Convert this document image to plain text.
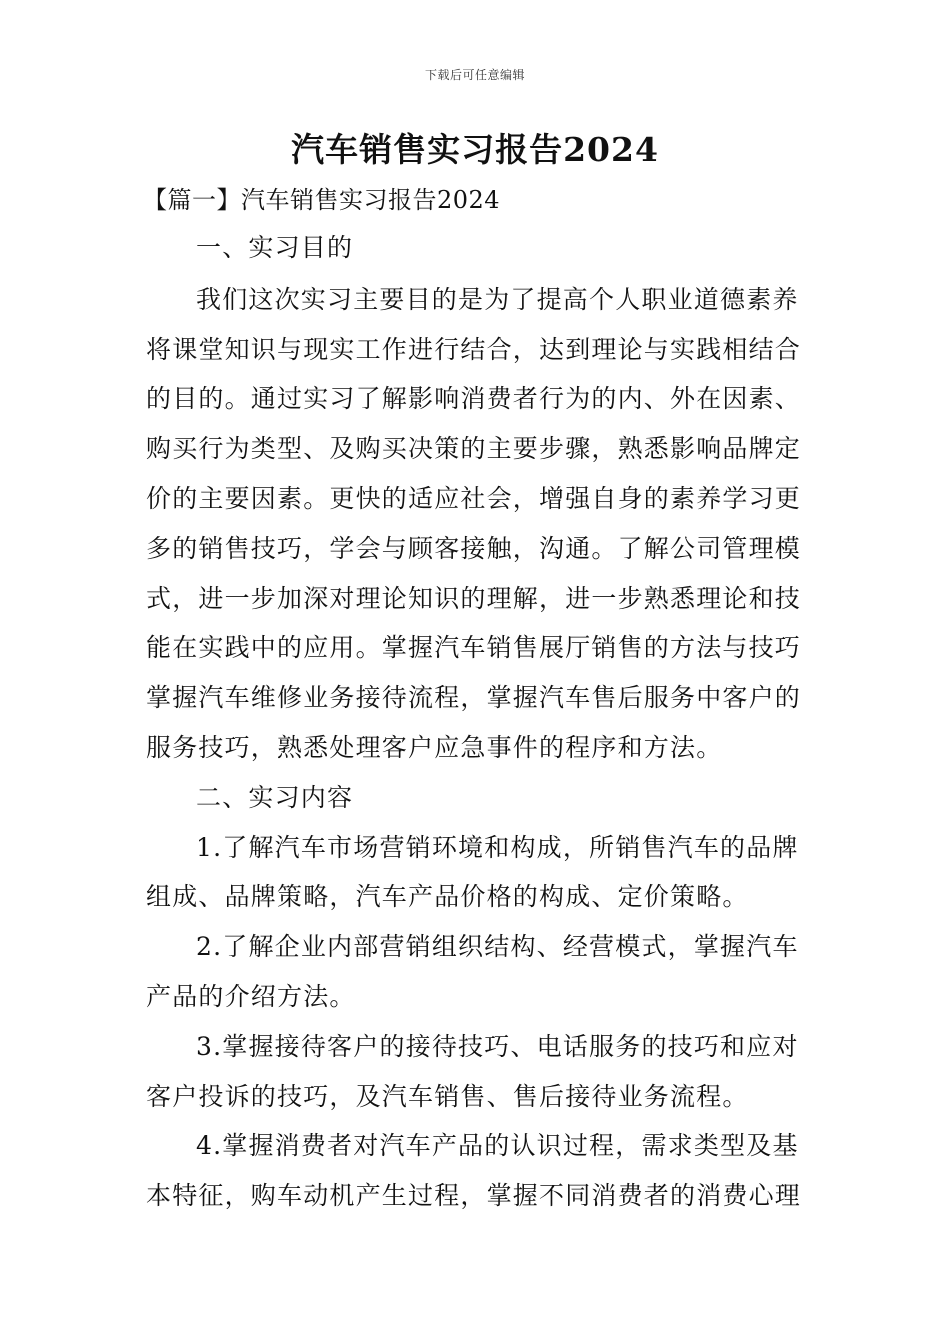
下载后可任意编辑
汽车销售实习报告2024
【篇一】汽车销售实习报告2024
一、实习目的
我们这次实习主要目的是为了提高个人职业道德素养
将课堂知识与现实工作进行结合，达到理论与实践相结合
的目的。通过实习了解影响消费者行为的内、外在因素、
购买行为类型、及购买决策的主要步骤，熟悉影响品牌定
价的主要因素。更快的适应社会，增强自身的素养学习更
多的销售技巧，学会与顾客接触，沟通。了解公司管理模
式，进一步加深对理论知识的理解，进一步熟悉理论和技
能在实践中的应用。掌握汽车销售展厅销售的方法与技巧
掌握汽车维修业务接待流程，掌握汽车售后服务中客户的
服务技巧，熟悉处理客户应急事件的程序和方法。
二、实习内容
1.了解汽车市场营销环境和构成，所销售汽车的品牌
组成、品牌策略，汽车产品价格的构成、定价策略。
2.了解企业内部营销组织结构、经营模式，掌握汽车
产品的介绍方法。
3.掌握接待客户的接待技巧、电话服务的技巧和应对
客户投诉的技巧，及汽车销售、售后接待业务流程。
4.掌握消费者对汽车产品的认识过程，需求类型及基
本特征，购车动机产生过程，掌握不同消费者的消费心理
